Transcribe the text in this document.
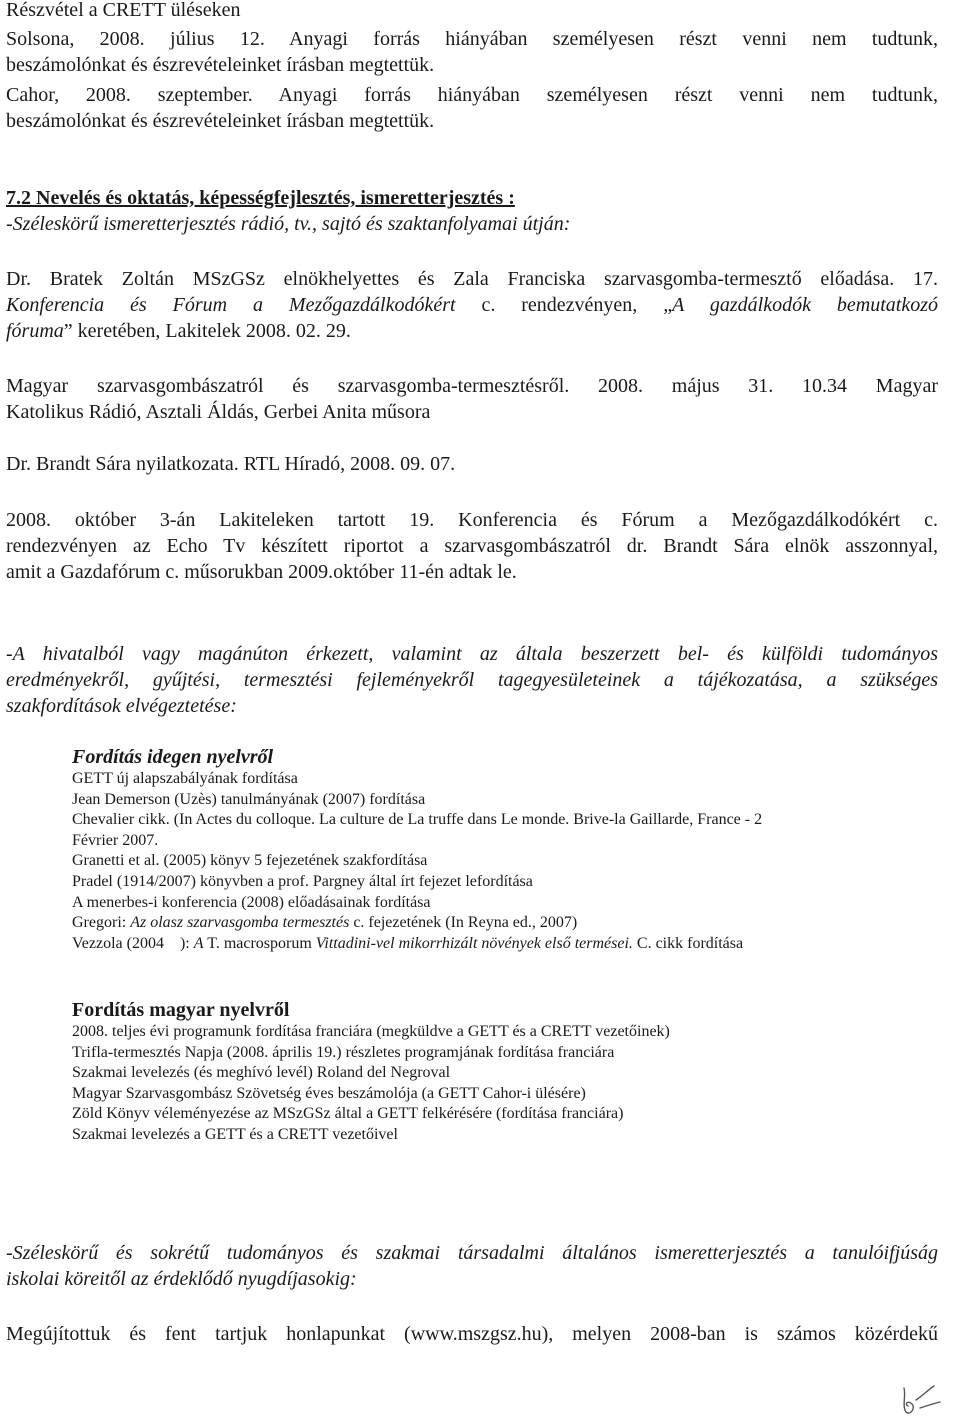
Részvétel a CRETT üléseken
Solsona, 2008. július 12. Anyagi forrás hiányában személyesen részt venni nem tudtunk,
beszámolónkat és észrevételeinket írásban megtettük.
Cahor, 2008. szeptember. Anyagi forrás hiányában személyesen részt venni nem tudtunk,
beszámolónkat és észrevételeinket írásban megtettük.
7.2 Nevelés és oktatás, képességfejlesztés, ismeretterjesztés :
-Széleskörű ismeretterjesztés rádió, tv., sajtó és szaktanfolyamai útján:
Dr. Bratek Zoltán MSzGSz elnökhelyettes és Zala Franciska szarvasgomba-termesztő előadása. 17.
Konferencia és Fórum a Mezőgazdálkodókért c. rendezvényen, „A gazdálkodók bemutatkozó
fóruma” keretében, Lakitelek 2008. 02. 29.
Magyar szarvasgombászatról és szarvasgomba-termesztésről. 2008. május 31. 10.34 Magyar
Katolikus Rádió, Asztali Áldás, Gerbei Anita műsora
Dr. Brandt Sára nyilatkozata. RTL Híradó, 2008. 09. 07.
2008. október 3-án Lakiteleken tartott 19. Konferencia és Fórum a Mezőgazdálkodókért c.
rendezvényen az Echo Tv készített riportot a szarvasgombászatról dr. Brandt Sára elnök asszonnyal,
amit a Gazdafórum c. műsorukban 2009.október 11-én adtak le.
-A hivatalból vagy magánúton érkezett, valamint az általa beszerzett bel- és külföldi tudományos
eredményekről, gyűjtési, termesztési fejleményekről tagegyesületeinek a tájékozatása, a szükséges
szakfordítások elvégeztetése:
Fordítás idegen nyelvről
GETT új alapszabályának fordítása
Jean Demerson (Uzès) tanulmányának (2007) fordítása
Chevalier cikk. (In Actes du colloque. La culture de La truffe dans Le monde. Brive-la Gaillarde, France - 2
Février 2007.
Granetti et al. (2005) könyv 5 fejezetének szakfordítása
Pradel (1914/2007) könyvben a prof. Pargney által írt fejezet lefordítása
A menerbes-i konferencia (2008) előadásainak fordítása
Gregori: Az olasz szarvasgomba termesztés c. fejezetének (In Reyna ed., 2007)
Vezzola (2004    ): A T. macrosporum Vittadini-vel mikorrhizált növények első termései. C. cikk fordítása
Fordítás magyar nyelvről
2008. teljes évi programunk fordítása franciára (megküldve a GETT és a CRETT vezetőinek)
Trifla-termesztés Napja (2008. április 19.) részletes programjának fordítása franciára
Szakmai levelezés (és meghívó levél) Roland del Negroval
Magyar Szarvasgombász Szövetség éves beszámolója (a GETT Cahor-i ülésére)
Zöld Könyv véleményezése az MSzGSz által a GETT felkérésére (fordítása franciára)
Szakmai levelezés a GETT és a CRETT vezetőivel
-Széleskörű és sokrétű tudományos és szakmai társadalmi általános ismeretterjesztés a tanulóifjúság
iskolai köreitől az érdeklődő nyugdíjasokig:
Megújítottuk és fent tartjuk honlapunkat (www.mszgsz.hu), melyen 2008-ban is számos közérdekű
